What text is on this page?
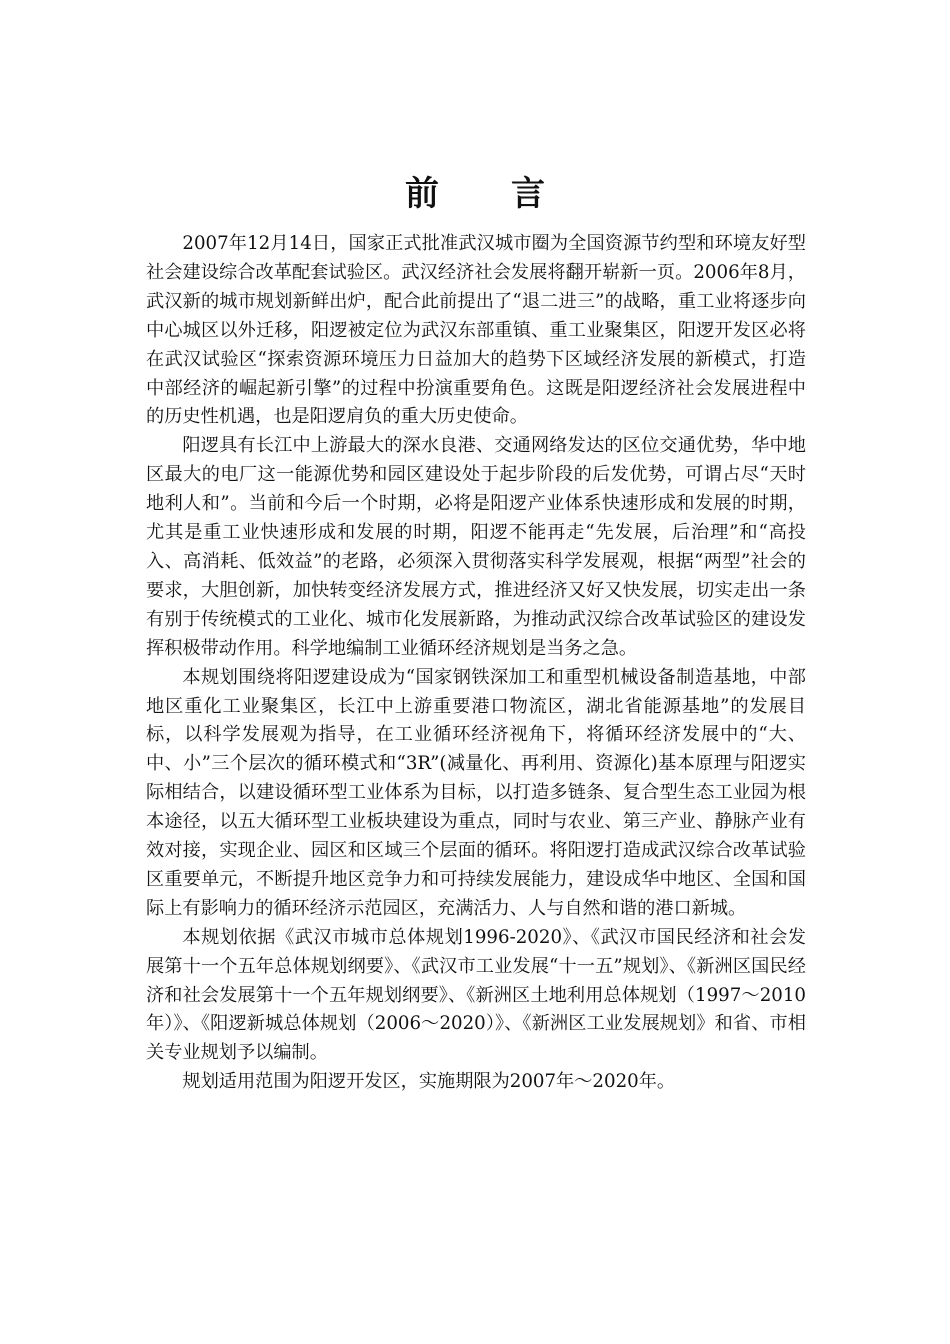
前 言

2007年12月14日，国家正式批准武汉城市圈为全国资源节约型和环境友好型社会建设综合改革配套试验区。武汉经济社会发展将翻开崭新一页。2006年8月，武汉新的城市规划新鲜出炉，配合此前提出了“退二进三”的战略，重工业将逐步向中心城区以外迁移，阳逻被定位为武汉东部重镇、重工业聚集区，阳逻开发区必将在武汉试验区“探索资源环境压力日益加大的趋势下区域经济发展的新模式，打造中部经济的崛起新引擎”的过程中扮演重要角色。这既是阳逻经济社会发展进程中的历史性机遇，也是阳逻肩负的重大历史使命。

阳逻具有长江中上游最大的深水良港、交通网络发达的区位交通优势，华中地区最大的电厂这一能源优势和园区建设处于起步阶段的后发优势，可谓占尽“天时地利人和”。当前和今后一个时期，必将是阳逻产业体系快速形成和发展的时期，尤其是重工业快速形成和发展的时期，阳逻不能再走“先发展，后治理”和“高投入、高消耗、低效益”的老路，必须深入贯彻落实科学发展观，根据“两型”社会的要求，大胆创新，加快转变经济发展方式，推进经济又好又快发展，切实走出一条有别于传统模式的工业化、城市化发展新路，为推动武汉综合改革试验区的建设发挥积极带动作用。科学地编制工业循环经济规划是当务之急。

本规划围绕将阳逻建设成为“国家钢铁深加工和重型机械设备制造基地，中部地区重化工业聚集区，长江中上游重要港口物流区，湖北省能源基地”的发展目标，以科学发展观为指导，在工业循环经济视角下，将循环经济发展中的“大、中、小”三个层次的循环模式和“3R”(减量化、再利用、资源化)基本原理与阳逻实际相结合，以建设循环型工业体系为目标，以打造多链条、复合型生态工业园为根本途径，以五大循环型工业板块建设为重点，同时与农业、第三产业、静脉产业有效对接，实现企业、园区和区域三个层面的循环。将阳逻打造成武汉综合改革试验区重要单元，不断提升地区竞争力和可持续发展能力，建设成华中地区、全国和国际上有影响力的循环经济示范园区，充满活力、人与自然和谐的港口新城。

本规划依据《武汉市城市总体规划1996-2020》、《武汉市国民经济和社会发展第十一个五年总体规划纲要》、《武汉市工业发展“十一五”规划》、《新洲区国民经济和社会发展第十一个五年规划纲要》、《新洲区土地利用总体规划（1997～2010年）》、《阳逻新城总体规划（2006～2020）》、《新洲区工业发展规划》和省、市相关专业规划予以编制。

规划适用范围为阳逻开发区，实施期限为2007年～2020年。
